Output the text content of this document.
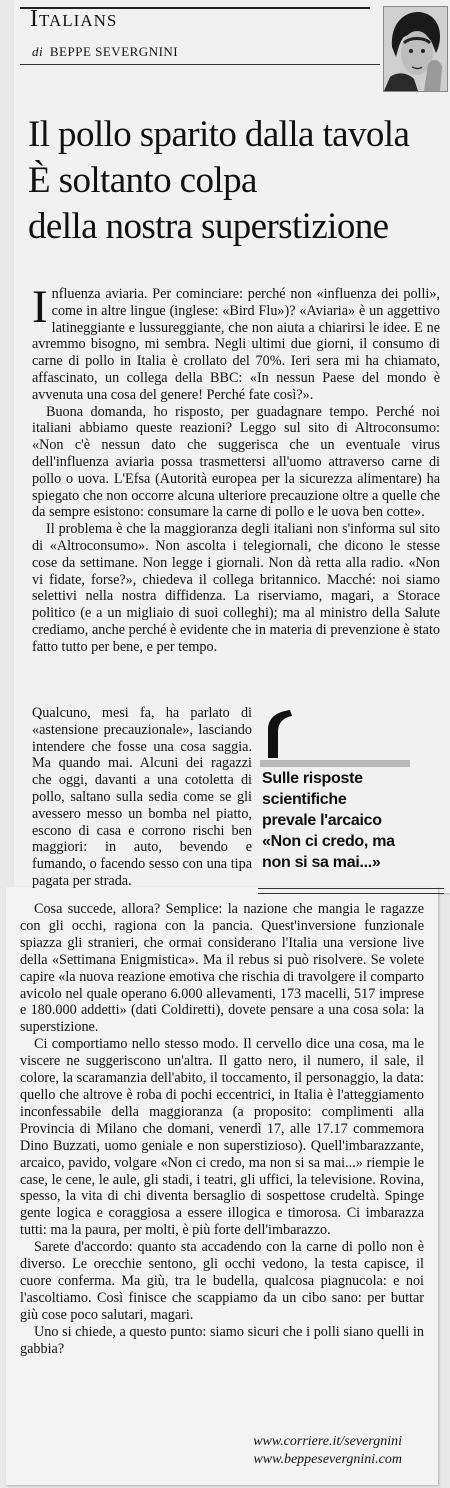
Italians
di BEPPE SEVERGNINI
Il pollo sparito dalla tavola
È soltanto colpa
della nostra superstizione

Influenza aviaria. Per cominciare: perché non «influenza dei polli», come in altre lingue (inglese: «Bird Flu»)? «Aviaria» è un aggettivo latineggiante e lussureggiante, che non aiuta a chiarirsi le idee. E ne avremmo bisogno, mi sembra. Negli ultimi due giorni, il consumo di carne di pollo in Italia è crollato del 70%. Ieri sera mi ha chiamato, affascinato, un collega della BBC: «In nessun Paese del mondo è avvenuta una cosa del genere! Perché fate così?».

Buona domanda, ho risposto, per guadagnare tempo. Perché noi italiani abbiamo queste reazioni? Leggo sul sito di Altroconsumo: «Non c'è nessun dato che suggerisca che un eventuale virus dell'influenza aviaria possa trasmettersi all'uomo attraverso carne di pollo o uova. L'Efsa (Autorità europea per la sicurezza alimentare) ha spiegato che non occorre alcuna ulteriore precauzione oltre a quelle che da sempre esistono: consumare la carne di pollo e le uova ben cotte».

Il problema è che la maggioranza degli italiani non s'informa sul sito di «Altroconsumo». Non ascolta i telegiornali, che dicono le stesse cose da settimane. Non legge i giornali. Non dà retta alla radio. «Non vi fidate, forse?», chiedeva il collega britannico. Macché: noi siamo selettivi nella nostra diffidenza. La riserviamo, magari, a Storace politico (e a un migliaio di suoi colleghi); ma al ministro della Salute crediamo, anche perché è evidente che in materia di prevenzione è stato fatto tutto per bene, e per tempo.

Qualcuno, mesi fa, ha parlato di «astensione precauzionale», lasciando intendere che fosse una cosa saggia. Ma quando mai. Alcuni dei ragazzi che oggi, davanti a una cotoletta di pollo, saltano sulla sedia come se gli avessero messo un bomba nel piatto, escono di casa e corrono rischi ben maggiori: in auto, bevendo e fumando, o facendo sesso con una tipa pagata per strada.

Sulle risposte
scientifiche
prevale l'arcaico
«Non ci credo, ma
non si sa mai...»

Cosa succede, allora? Semplice: la nazione che mangia le ragazze con gli occhi, ragiona con la pancia. Quest'inversione funzionale spiazza gli stranieri, che ormai considerano l'Italia una versione live della «Settimana Enigmistica». Ma il rebus si può risolvere. Se volete capire «la nuova reazione emotiva che rischia di travolgere il comparto avicolo nel quale operano 6.000 allevamenti, 173 macelli, 517 imprese e 180.000 addetti» (dati Coldiretti), dovete pensare a una cosa sola: la superstizione.

Ci comportiamo nello stesso modo. Il cervello dice una cosa, ma le viscere ne suggeriscono un'altra. Il gatto nero, il numero, il sale, il colore, la scaramanzia dell'abito, il toccamento, il personaggio, la data: quello che altrove è roba di pochi eccentrici, in Italia è l'atteggiamento inconfessabile della maggioranza (a proposito: complimenti alla Provincia di Milano che domani, venerdì 17, alle 17.17 commemora Dino Buzzati, uomo geniale e non superstizioso). Quell'imbarazzante, arcaico, pavido, volgare «Non ci credo, ma non si sa mai...» riempie le case, le cene, le aule, gli stadi, i teatri, gli uffici, la televisione. Rovina, spesso, la vita di chi diventa bersaglio di sospettose crudeltà. Spinge gente logica e coraggiosa a essere illogica e timorosa. Ci imbarazza tutti: ma la paura, per molti, è più forte dell'imbarazzo.

Sarete d'accordo: quanto sta accadendo con la carne di pollo non è diverso. Le orecchie sentono, gli occhi vedono, la testa capisce, il cuore conferma. Ma giù, tra le budella, qualcosa piagnucola: e noi l'ascoltiamo. Così finisce che scappiamo da un cibo sano: per buttar giù cose poco salutari, magari.

Uno si chiede, a questo punto: siamo sicuri che i polli siano quelli in gabbia?

www.corriere.it/severgnini
www.beppesevergnini.com
